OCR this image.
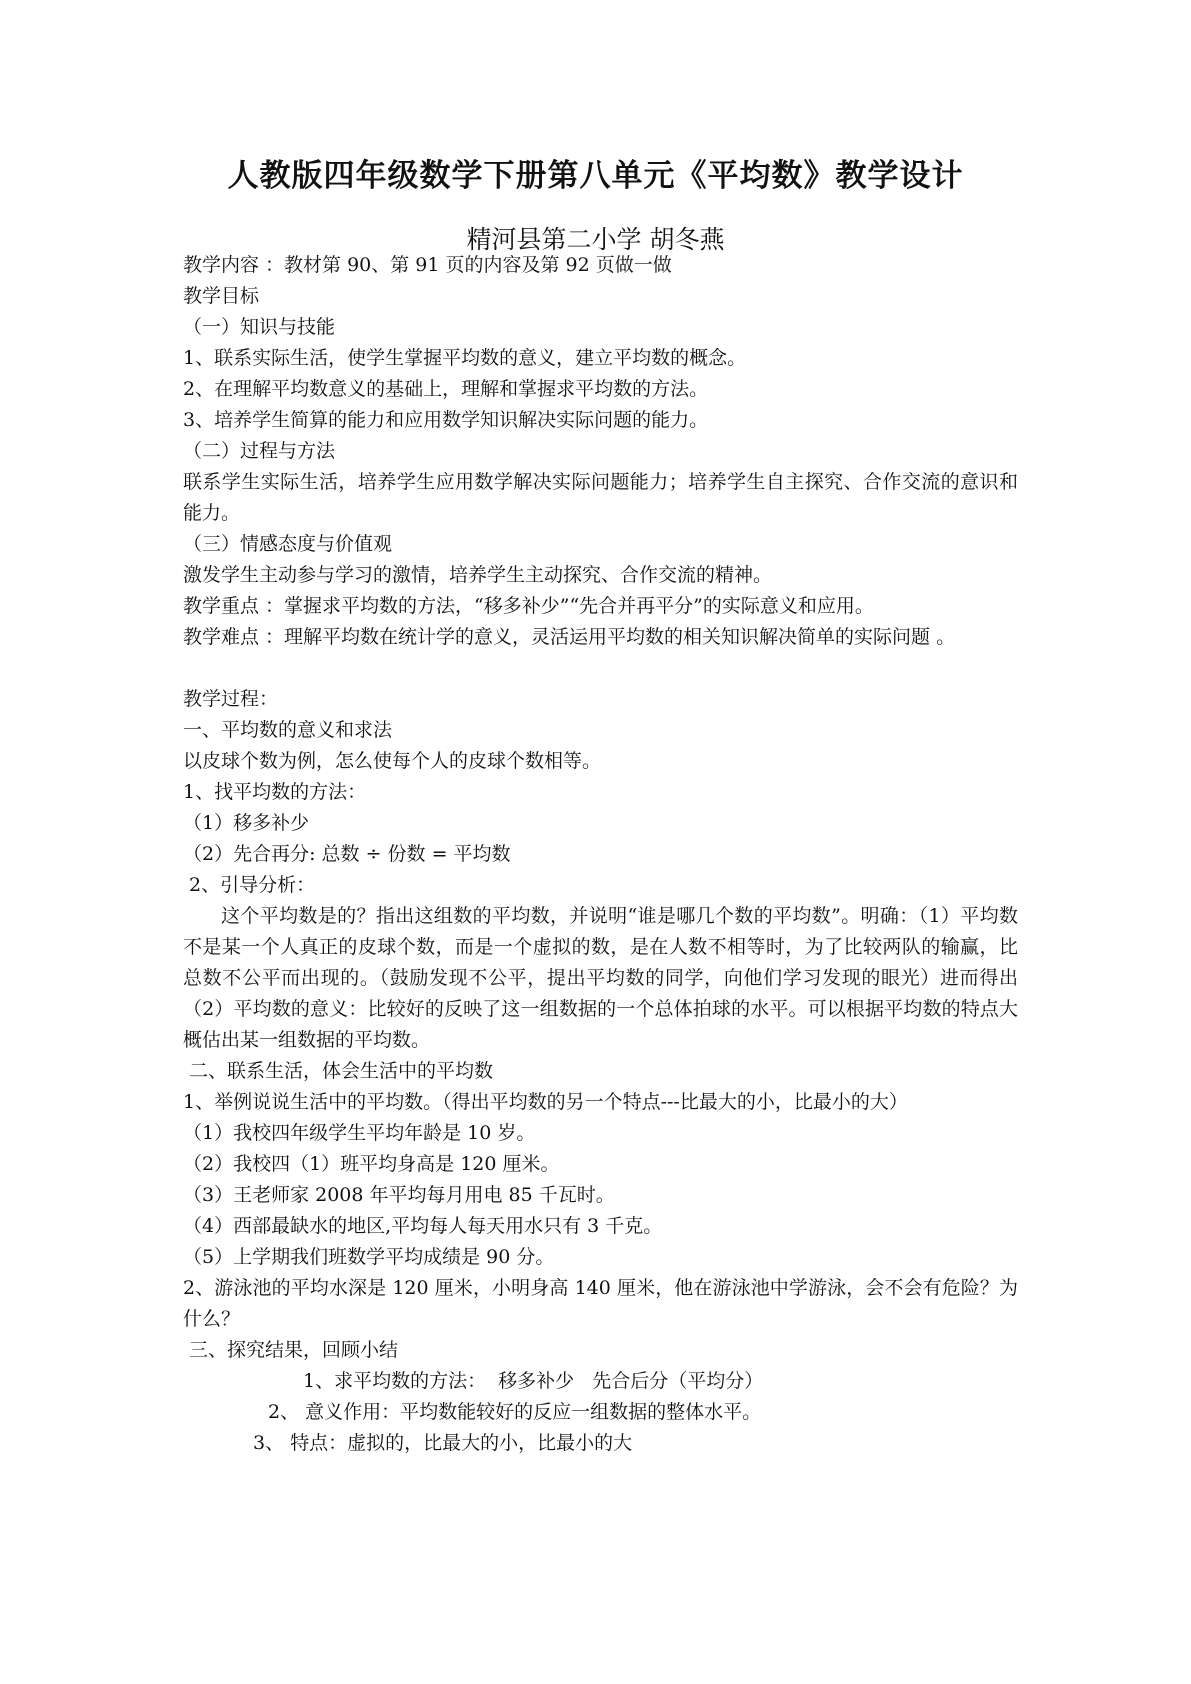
人教版四年级数学下册第八单元《平均数》教学设计
精河县第二小学 胡冬燕
教学内容 ：教材第 90、第 91 页的内容及第 92 页做一做
教学目标
（一）知识与技能
1、联系实际生活，使学生掌握平均数的意义，建立平均数的概念。
2、在理解平均数意义的基础上，理解和掌握求平均数的方法。
3、培养学生简算的能力和应用数学知识解决实际问题的能力。
（二）过程与方法
联系学生实际生活，培养学生应用数学解决实际问题能力；培养学生自主探究、合作交流的意识和能力。
（三）情感态度与价值观
激发学生主动参与学习的激情，培养学生主动探究、合作交流的精神。
教学重点 ：掌握求平均数的方法，“移多补少”“先合并再平分”的实际意义和应用。
教学难点 ：理解平均数在统计学的意义，灵活运用平均数的相关知识解决简单的实际问题 。
教学过程：
一、平均数的意义和求法
以皮球个数为例，怎么使每个人的皮球个数相等。
1、找平均数的方法：
（1）移多补少
（2）先合再分: 总数 ÷ 份数 = 平均数
2、引导分析：
这个平均数是的？指出这组数的平均数，并说明“谁是哪几个数的平均数”。明确：（1）平均数不是某一个人真正的皮球个数，而是一个虚拟的数，是在人数不相等时，为了比较两队的输赢，比总数不公平而出现的。（鼓励发现不公平，提出平均数的同学，向他们学习发现的眼光）进而得出（2）平均数的意义：比较好的反映了这一组数据的一个总体拍球的水平。可以根据平均数的特点大概估出某一组数据的平均数。
二、联系生活，体会生活中的平均数
1、举例说说生活中的平均数。（得出平均数的另一个特点---比最大的小，比最小的大）
（1）我校四年级学生平均年龄是 10 岁。
（2）我校四（1）班平均身高是 120 厘米。
（3）王老师家 2008 年平均每月用电 85 千瓦时。
（4）西部最缺水的地区,平均每人每天用水只有 3 千克。
（5）上学期我们班数学平均成绩是 90 分。
2、游泳池的平均水深是 120 厘米，小明身高 140 厘米，他在游泳池中学游泳，会不会有危险？为什么？
三、探究结果，回顾小结
1、求平均数的方法：  移多补少   先合后分（平均分）
2、 意义作用：平均数能较好的反应一组数据的整体水平。
3、 特点：虚拟的，比最大的小，比最小的大
